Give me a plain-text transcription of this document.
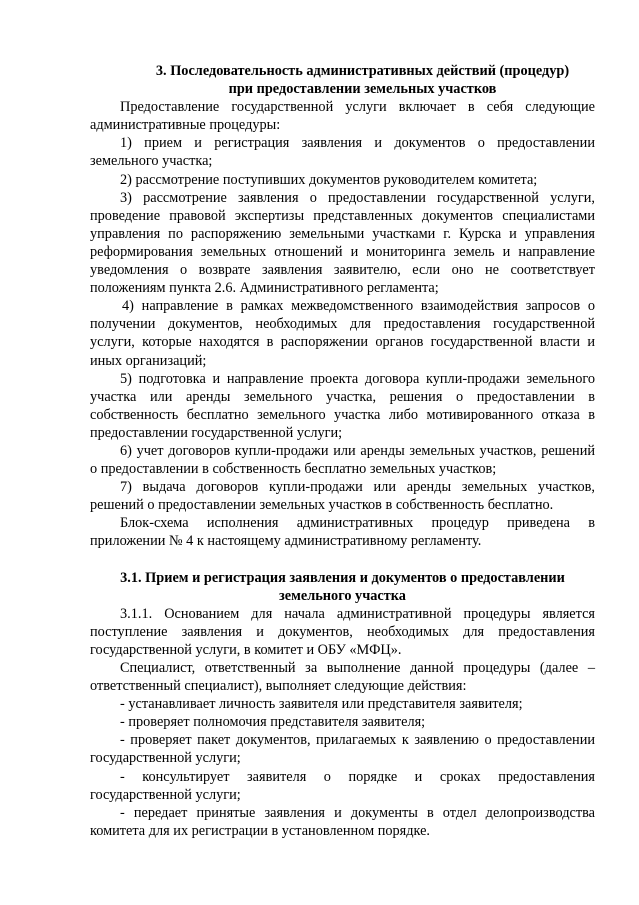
3. Последовательность административных действий (процедур)
при предоставлении земельных участков

Предоставление государственной услуги включает в себя следующие административные процедуры:

1) прием и регистрация заявления и документов о предоставлении земельного участка;

2) рассмотрение поступивших документов руководителем комитета;

3) рассмотрение заявления о предоставлении государственной услуги, проведение правовой экспертизы представленных документов специалистами управления по распоряжению земельными участками г. Курска и управления реформирования земельных отношений и мониторинга земель и направление уведомления о возврате заявления заявителю, если оно не соответствует положениям пункта 2.6. Административного регламента;

4) направление в рамках межведомственного взаимодействия запросов о получении документов, необходимых для предоставления государственной услуги, которые находятся в распоряжении органов государственной власти и иных организаций;

5) подготовка и направление проекта договора купли-продажи земельного участка или аренды земельного участка, решения о предоставлении в собственность бесплатно земельного участка либо мотивированного отказа в предоставлении государственной услуги;

6) учет договоров купли-продажи или аренды земельных участков, решений о предоставлении в собственность бесплатно земельных участков;

7) выдача договоров купли-продажи или аренды земельных участков, решений о предоставлении земельных участков в собственность бесплатно.

Блок-схема исполнения административных процедур приведена в приложении № 4 к настоящему административному регламенту.

3.1. Прием и регистрация заявления и документов о предоставлении
земельного участка

3.1.1. Основанием для начала административной процедуры является поступление заявления и документов, необходимых для предоставления государственной услуги, в комитет и ОБУ «МФЦ».

Специалист, ответственный за выполнение данной процедуры (далее – ответственный специалист), выполняет следующие действия:

- устанавливает личность заявителя или представителя заявителя;

- проверяет полномочия представителя заявителя;

- проверяет пакет документов, прилагаемых к заявлению о предоставлении государственной услуги;

- консультирует заявителя о порядке и сроках предоставления государственной услуги;

- передает принятые заявления и документы в отдел делопроизводства комитета для их регистрации в установленном порядке.
